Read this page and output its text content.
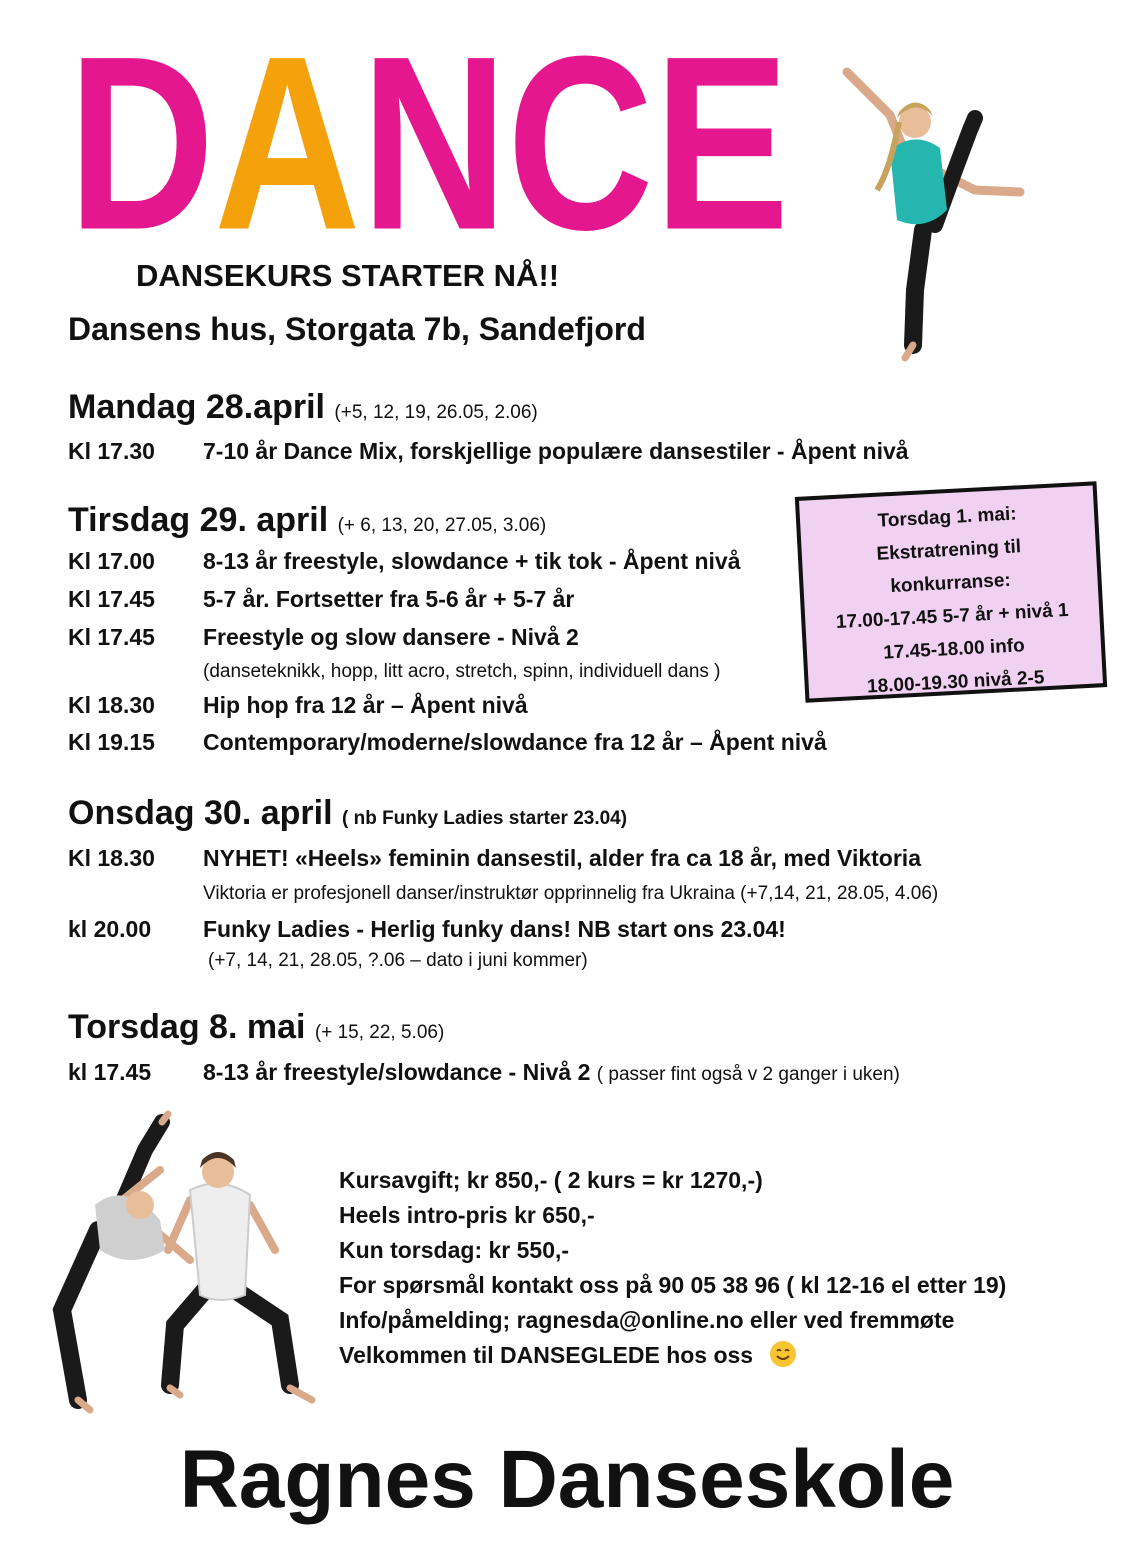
D A N C E
DANSEKURS STARTER NÅ!!
Dansens hus, Storgata 7b, Sandefjord
Mandag 28.april (+5, 12, 19, 26.05, 2.06)
Kl 17.30 7-10 år Dance Mix, forskjellige populære dansestiler - Åpent nivå
Tirsdag 29. april (+ 6, 13, 20, 27.05, 3.06)
Kl 17.00 8-13 år freestyle, slowdance + tik tok - Åpent nivå
Kl 17.45 5-7 år. Fortsetter fra 5-6 år + 5-7 år
Kl 17.45 Freestyle og slow dansere - Nivå 2
(danseteknikk, hopp, litt acro, stretch, spinn, individuell dans )
Kl 18.30 Hip hop fra 12 år – Åpent nivå
Kl 19.15 Contemporary/moderne/slowdance fra 12 år – Åpent nivå
Onsdag 30. april ( nb Funky Ladies starter 23.04)
Kl 18.30 NYHET! «Heels» feminin dansestil, alder fra ca 18 år, med Viktoria
Viktoria er profesjonell danser/instruktør opprinnelig fra Ukraina (+7,14, 21, 28.05, 4.06)
kl 20.00 Funky Ladies - Herlig funky dans! NB start ons 23.04!
(+7, 14, 21, 28.05, ?.06 – dato i juni kommer)
Torsdag 8. mai (+ 15, 22, 5.06)
kl 17.45 8-13 år freestyle/slowdance - Nivå 2 ( passer fint også v 2 ganger i uken)
Torsdag 1. mai:
Ekstratrening til
konkurranse:
17.00-17.45 5-7 år + nivå 1
17.45-18.00 info
18.00-19.30 nivå 2-5
Kursavgift; kr 850,- ( 2 kurs = kr 1270,-)
Heels intro-pris kr 650,-
Kun torsdag: kr 550,-
For spørsmål kontakt oss på 90 05 38 96 ( kl 12-16 el etter 19)
Info/påmelding; ragnesda@online.no eller ved fremmøte
Velkommen til DANSEGLEDE hos oss
Ragnes Danseskole
